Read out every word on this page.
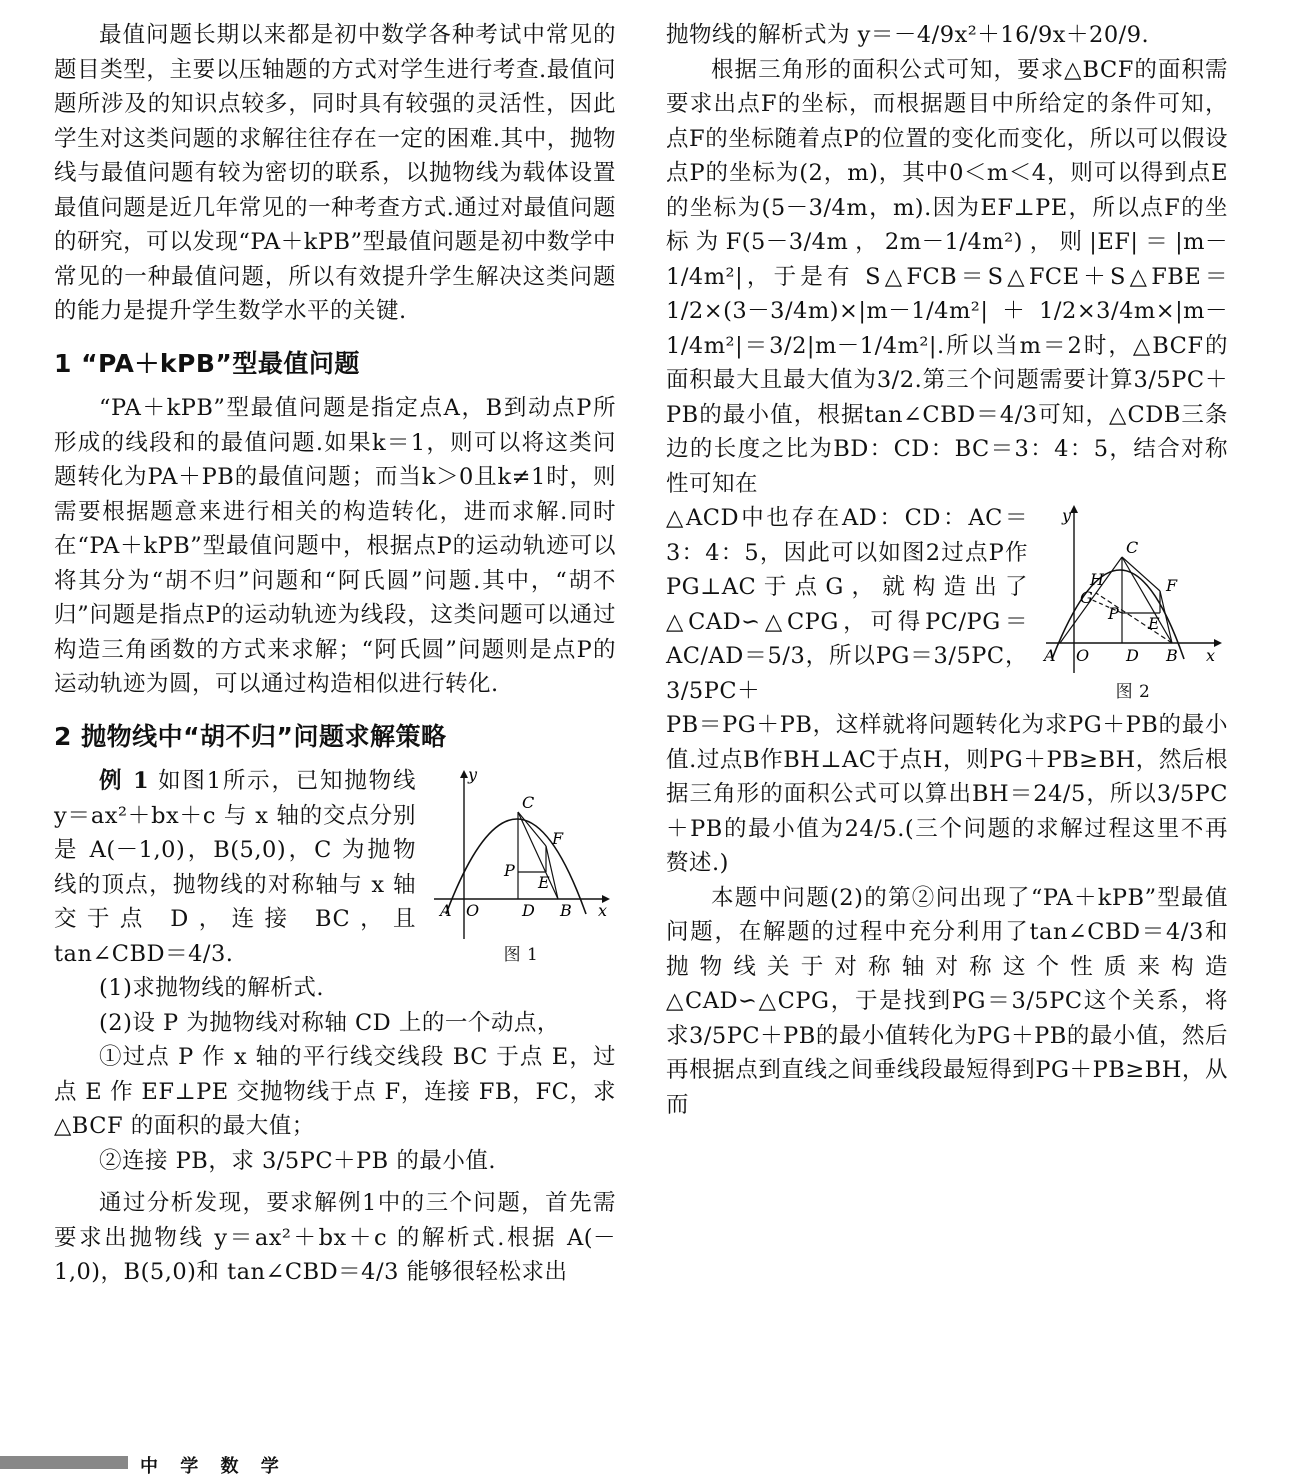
最值问题长期以来都是初中数学各种考试中常见的题目类型，主要以压轴题的方式对学生进行考查.最值问题所涉及的知识点较多，同时具有较强的灵活性，因此学生对这类问题的求解往往存在一定的困难.其中，抛物线与最值问题有较为密切的联系，以抛物线为载体设置最值问题是近几年常见的一种考查方式.通过对最值问题的研究，可以发现“PA＋kPB”型最值问题是初中数学中常见的一种最值问题，所以有效提升学生解决这类问题的能力是提升学生数学水平的关键.

1 “PA＋kPB”型最值问题

“PA＋kPB”型最值问题是指定点A，B到动点P所形成的线段和的最值问题.如果k＝1，则可以将这类问题转化为PA＋PB的最值问题；而当k＞0且k≠1时，则需要根据题意来进行相关的构造转化，进而求解.同时在“PA＋kPB”型最值问题中，根据点P的运动轨迹可以将其分为“胡不归”问题和“阿氏圆”问题.其中，“胡不归”问题是指点P的运动轨迹为线段，这类问题可以通过构造三角函数的方式来求解；“阿氏圆”问题则是点P的运动轨迹为圆，可以通过构造相似进行转化.

2 抛物线中“胡不归”问题求解策略
y
x
A O	D B
C
F
P
E
图 1

例 1 如图1所示，已知抛物线 y＝ax²＋bx＋c 与 x 轴的交点分别是 A(－1,0)，B(5,0)，C 为抛物线的顶点，抛物线的对称轴与 x 轴交于点 D，连接 BC，且 tan∠CBD＝4/3.

(1)求抛物线的解析式.

(2)设 P 为抛物线对称轴 CD 上的一个动点，

①过点 P 作 x 轴的平行线交线段 BC 于点 E，过点 E 作 EF⊥PE 交抛物线于点 F，连接 FB，FC，求△BCF 的面积的最大值；

②连接 PB，求 3/5PC＋PB 的最小值.

通过分析发现，要求解例1中的三个问题，首先需要求出抛物线 y＝ax²＋bx＋c 的解析式.根据 A(－1,0)，B(5,0)和 tan∠CBD＝4/3 能够很轻松求出

抛物线的解析式为 y＝－4/9x²＋16/9x＋20/9.

根据三角形的面积公式可知，要求△BCF的面积需要求出点F的坐标，而根据题目中所给定的条件可知，点F的坐标随着点P的位置的变化而变化，所以可以假设点P的坐标为(2，m)，其中0＜m＜4，则可以得到点E的坐标为(5－3/4m，m).因为EF⊥PE，所以点F的坐标为F(5－3/4m，2m－1/4m²)，则|EF|＝|m－1/4m²|，于是有 S△FCB＝S△FCE＋S△FBE＝1/2×(3－3/4m)×|m－1/4m²|＋1/2×3/4m×|m－1/4m²|＝3/2|m－1/4m²|.所以当m＝2时，△BCF的面积最大且最大值为3/2.第三个问题需要计算3/5PC＋PB的最小值，根据tan∠CBD＝4/3可知，△CDB三条边的长度之比为BD：CD：BC＝3：4：5，结合对称性可知在

y
x
A O D B
C
F
H
G
P
E
图 2

△ACD中也存在AD：CD：AC＝3：4：5，因此可以如图2过点P作PG⊥AC于点G，就构造出了△CAD∽△CPG，可得PC/PG＝AC/AD＝5/3，所以PG＝3/5PC，3/5PC＋

PB＝PG＋PB，这样就将问题转化为求PG＋PB的最小值.过点B作BH⊥AC于点H，则PG＋PB≥BH，然后根据三角形的面积公式可以算出BH＝24/5，所以3/5PC＋PB的最小值为24/5.(三个问题的求解过程这里不再赘述.)

本题中问题(2)的第②问出现了“PA＋kPB”型最值问题，在解题的过程中充分利用了tan∠CBD＝4/3和抛物线关于对称轴对称这个性质来构造△CAD∽△CPG，于是找到PG＝3/5PC这个关系，将求3/5PC＋PB的最小值转化为PG＋PB的最小值，然后再根据点到直线之间垂线段最短得到PG＋PB≥BH，从而

中 学 数 学
